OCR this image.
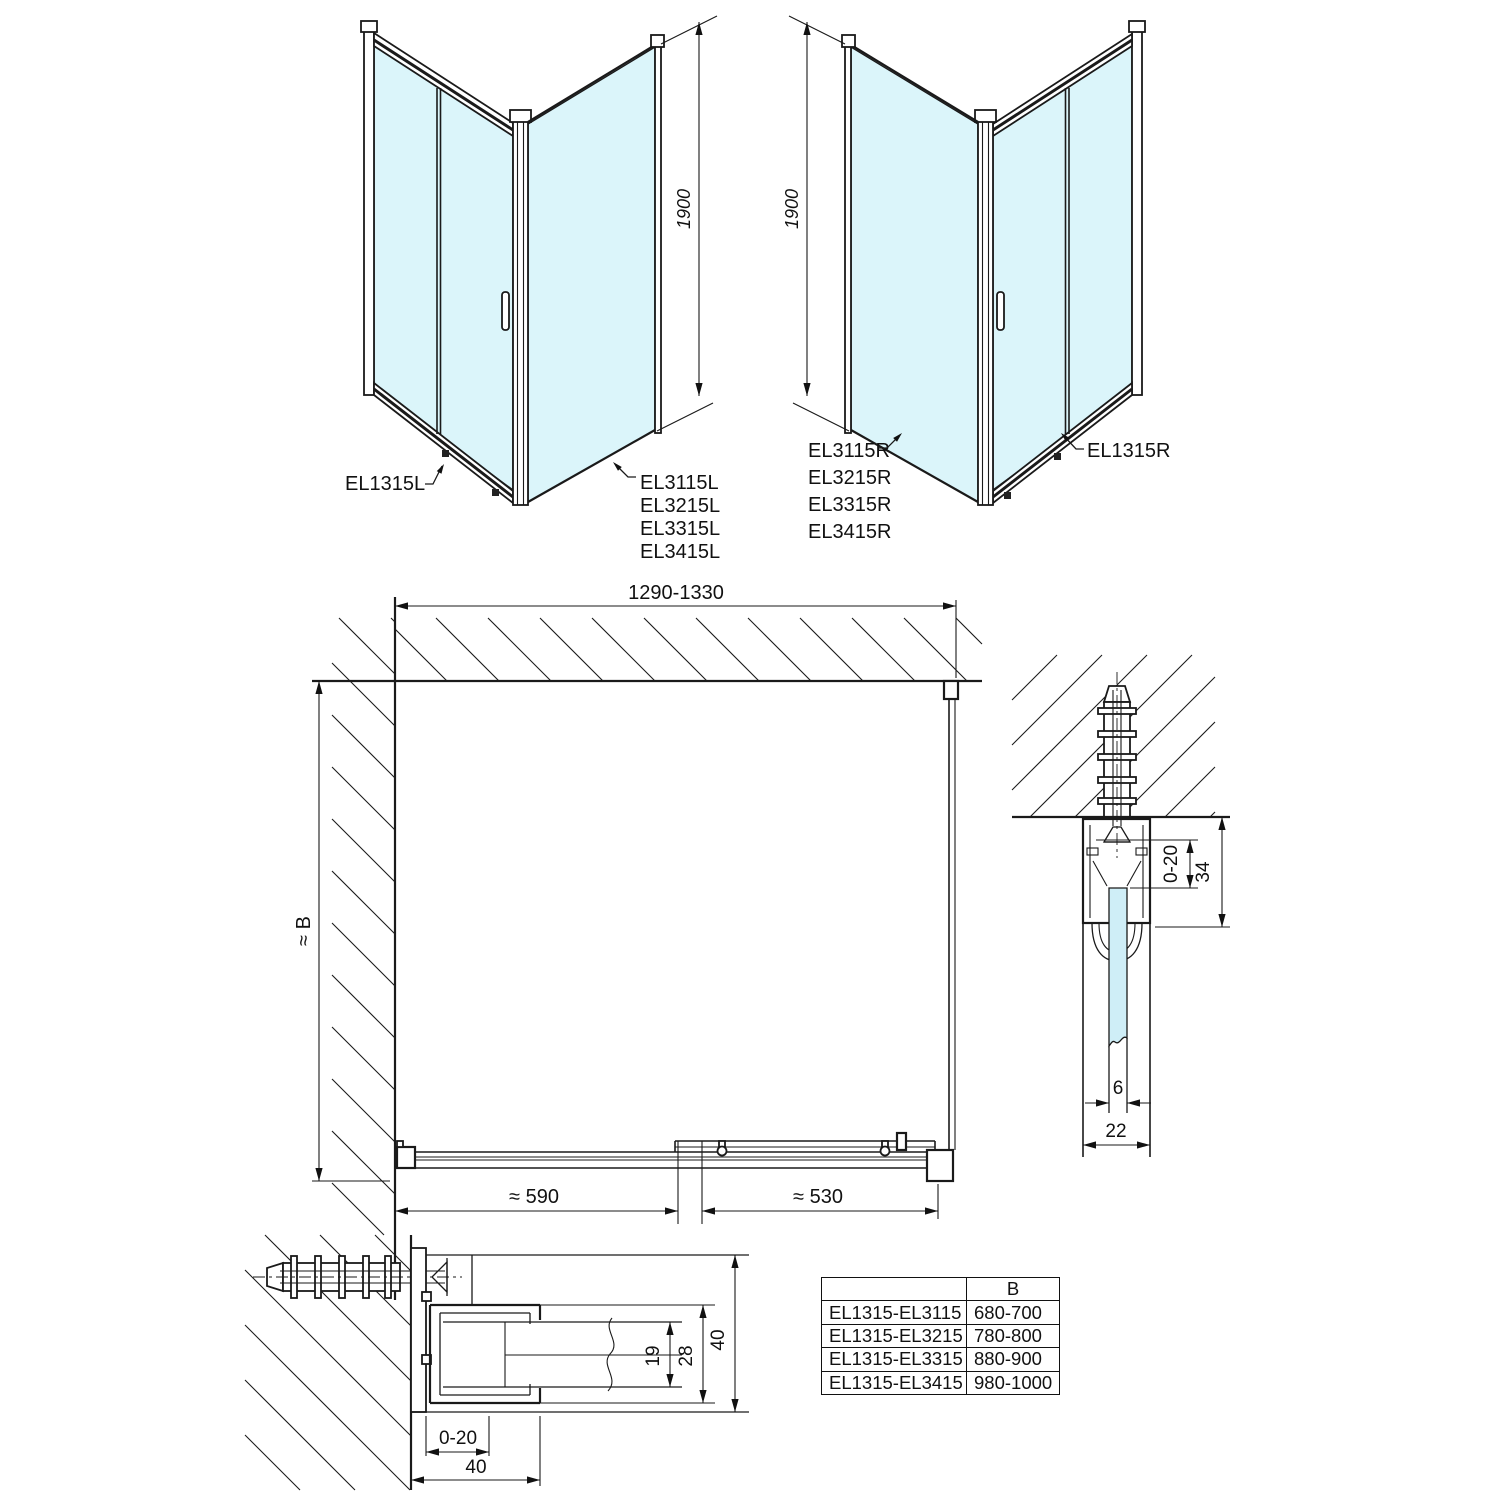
1900
EL1315L	EL3115L
EL3215L
EL3315L
EL3415L
1900
EL3115R
EL3215R
EL3315R
EL3415R
EL1315R
1290-1330
≈ B
≈ 590	≈ 530
0-20 34
6
22
0-20
40
19 28
40
	B
EL1315-EL3115	680-700
EL1315-EL3215	780-800
EL1315-EL3315	880-900
EL1315-EL3415	980-1000
